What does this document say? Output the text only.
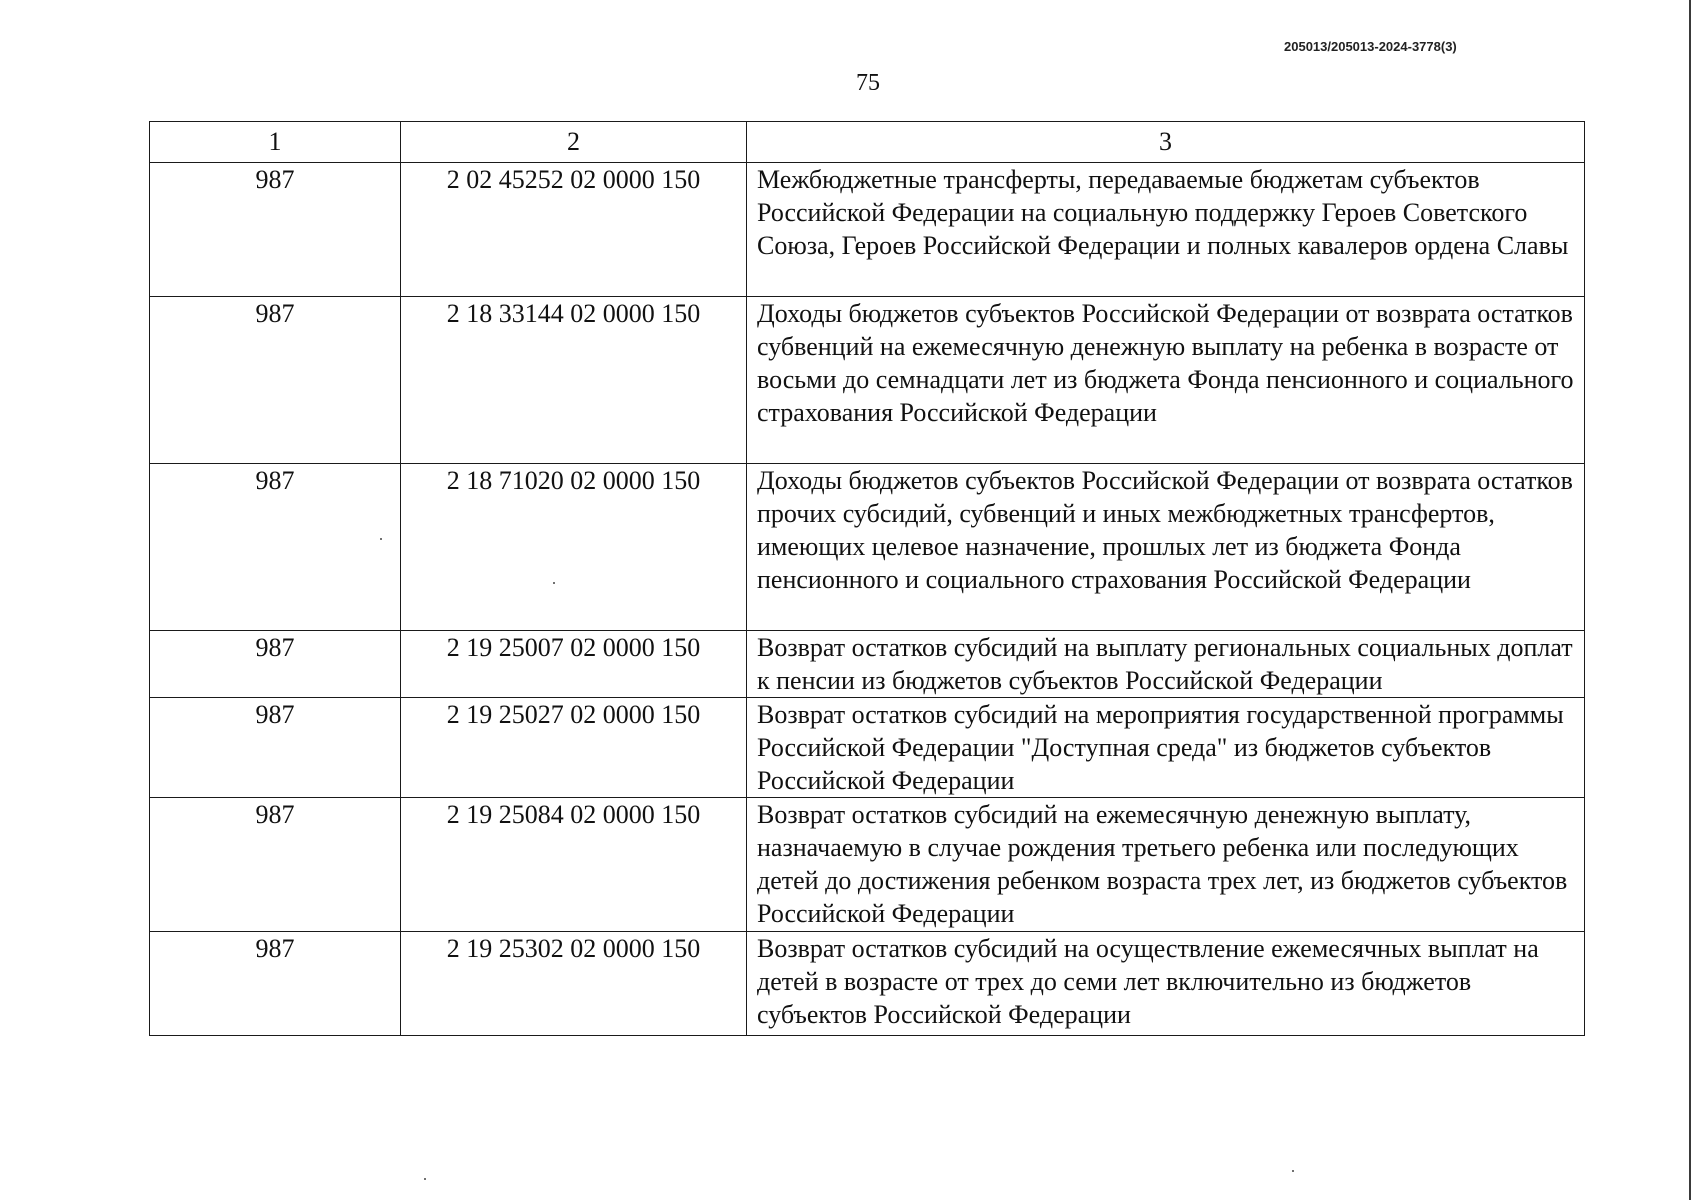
205013/205013-2024-3778(3)
75
1	2	3

987	2 02 45252 02 0000 150	Межбюджетные трансферты, передаваемые бюджетам субъектов Российской Федерации на социальную поддержку Героев Советского Союза, Героев Российской Федерации и полных кавалеров ордена Славы

987	2 18 33144 02 0000 150	Доходы бюджетов субъектов Российской Федерации от возврата остатков субвенций на ежемесячную денежную выплату на ребенка в возрасте от восьми до семнадцати лет из бюджета Фонда пенсионного и социального страхования Российской Федерации

987	2 18 71020 02 0000 150	Доходы бюджетов субъектов Российской Федерации от возврата остатков прочих субсидий, субвенций и иных межбюджетных трансфертов, имеющих целевое назначение, прошлых лет из бюджета Фонда пенсионного и социального страхования Российской Федерации

987	2 19 25007 02 0000 150	Возврат остатков субсидий на выплату региональных социальных доплат к пенсии из бюджетов субъектов Российской Федерации

987	2 19 25027 02 0000 150	Возврат остатков субсидий на мероприятия государственной программы Российской Федерации "Доступная среда" из бюджетов субъектов Российской Федерации

987	2 19 25084 02 0000 150	Возврат остатков субсидий на ежемесячную денежную выплату, назначаемую в случае рождения третьего ребенка или последующих детей до достижения ребенком возраста трех лет, из бюджетов субъектов Российской Федерации

987	2 19 25302 02 0000 150	Возврат остатков субсидий на осуществление ежемесячных выплат на детей в возрасте от трех до семи лет включительно из бюджетов субъектов Российской Федерации
